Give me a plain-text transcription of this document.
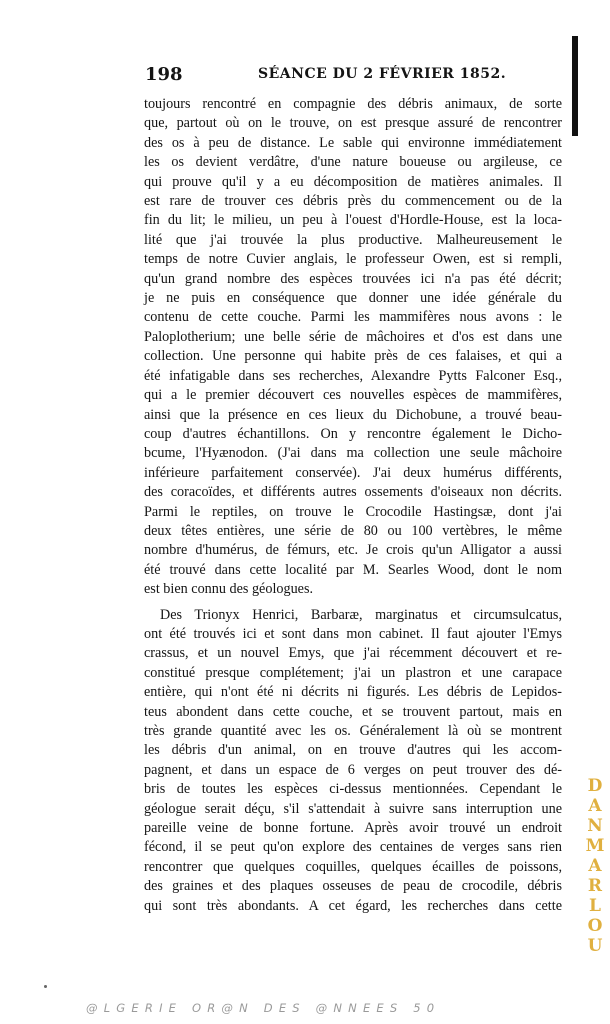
198	SÉANCE DU 2 FÉVRIER 1852.
toujours rencontré en compagnie des débris animaux, de sorte
que, partout où on le trouve, on est presque assuré de rencontrer
des os à peu de distance. Le sable qui environne immédiatement
les os devient verdâtre, d'une nature boueuse ou argileuse, ce
qui prouve qu'il y a eu décomposition de matières animales. Il
est rare de trouver ces débris près du commencement ou de la
fin du lit; le milieu, un peu à l'ouest d'Hordle-House, est la loca-
lité que j'ai trouvée la plus productive. Malheureusement le
temps de notre Cuvier anglais, le professeur Owen, est si rempli,
qu'un grand nombre des espèces trouvées ici n'a pas été décrit;
je ne puis en conséquence que donner une idée générale du
contenu de cette couche. Parmi les mammifères nous avons : le
Paloplotherium; une belle série de mâchoires et d'os est dans une
collection. Une personne qui habite près de ces falaises, et qui a
été infatigable dans ses recherches, Alexandre Pytts Falconer Esq.,
qui a le premier découvert ces nouvelles espèces de mammifères,
ainsi que la présence en ces lieux du Dichobune, a trouvé beau-
coup d'autres échantillons. On y rencontre également le Dicho-
bcume, l'Hyænodon. (J'ai dans ma collection une seule mâchoire
inférieure parfaitement conservée). J'ai deux humérus différents,
des coracoïdes, et différents autres ossements d'oiseaux non décrits.
Parmi le reptiles, on trouve le Crocodile Hastingsæ, dont j'ai
deux têtes entières, une série de 80 ou 100 vertèbres, le même
nombre d'humérus, de fémurs, etc. Je crois qu'un Alligator a aussi
été trouvé dans cette localité par M. Searles Wood, dont le nom
est bien connu des géologues.
Des Trionyx Henrici, Barbaræ, marginatus et circumsulcatus,
ont été trouvés ici et sont dans mon cabinet. Il faut ajouter l'Emys
crassus, et un nouvel Emys, que j'ai récemment découvert et re-
constitué presque complétement; j'ai un plastron et une carapace
entière, qui n'ont été ni décrits ni figurés. Les débris de Lepidos-
teus abondent dans cette couche, et se trouvent partout, mais en
très grande quantité avec les os. Généralement là où se montrent
les débris d'un animal, on en trouve d'autres qui les accom-
pagnent, et dans un espace de 6 verges on peut trouver des dé-
bris de toutes les espèces ci-dessus mentionnées. Cependant le
géologue serait déçu, s'il s'attendait à suivre sans interruption une
pareille veine de bonne fortune. Après avoir trouvé un endroit
fécond, il se peut qu'on explore des centaines de verges sans rien
rencontrer que quelques coquilles, quelques écailles de poissons,
des graines et des plaques osseuses de peau de crocodile, débris
qui sont très abondants. A cet égard, les recherches dans cette
DANMARLOU
@LGERIE OR@N DES @NNEES 50
